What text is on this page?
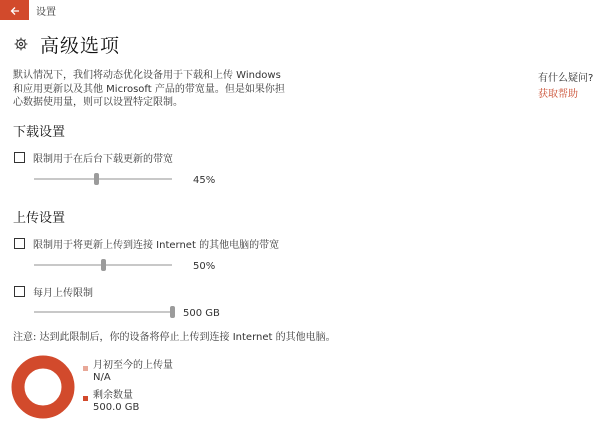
设置
高级选项
默认情况下，我们将动态优化设备用于下载和上传 Windows 和应用更新以及其他 Microsoft 产品的带宽量。但是如果你担心数据使用量，则可以设置特定限制。
有什么疑问?
获取帮助
下载设置
限制用于在后台下载更新的带宽
45%
上传设置
限制用于将更新上传到连接 Internet 的其他电脑的带宽
50%
每月上传限制
500 GB
注意: 达到此限制后，你的设备将停止上传到连接 Internet 的其他电脑。
月初至今的上传量
N/A
剩余数量
500.0 GB
